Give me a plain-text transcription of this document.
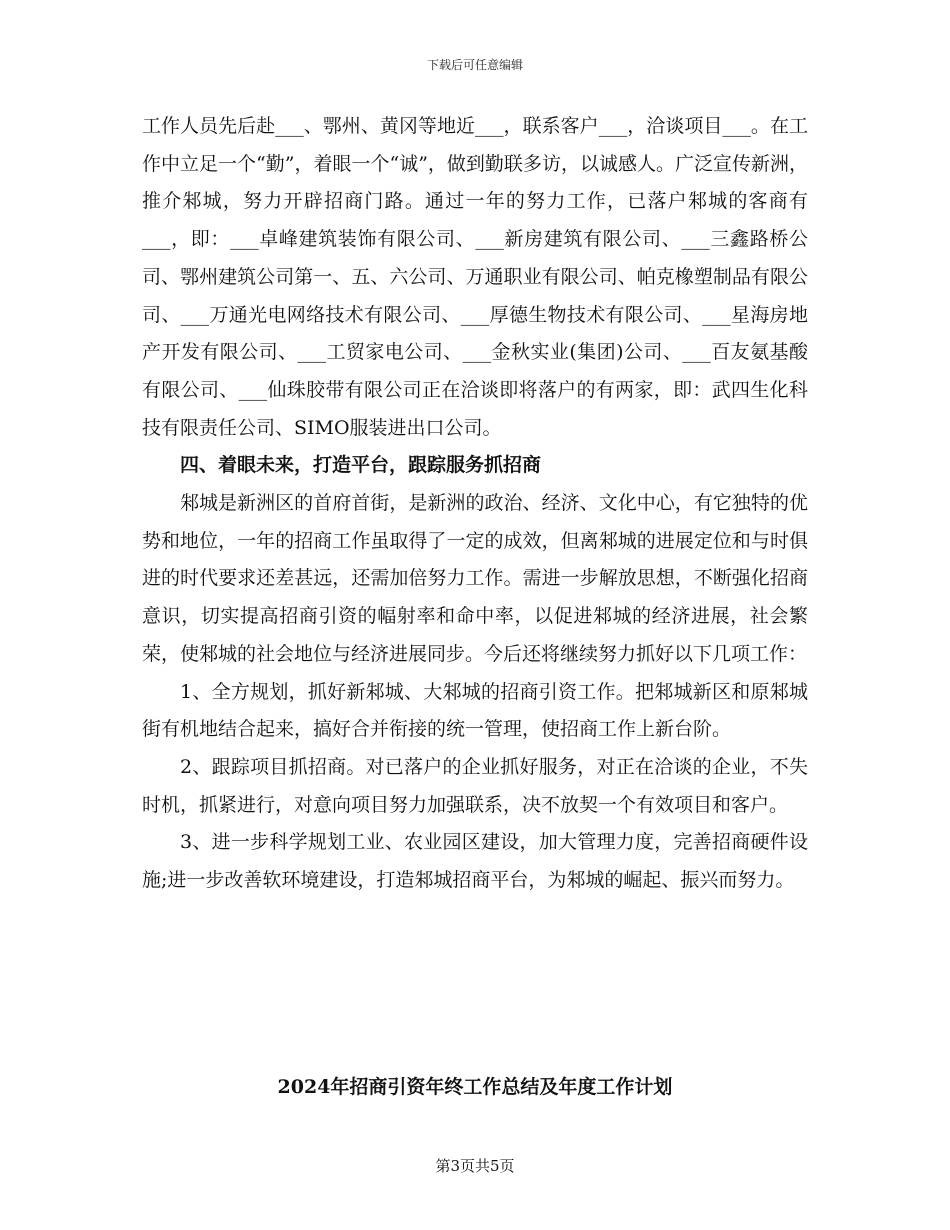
下载后可任意编辑

工作人员先后赴___、鄂州、黄冈等地近___，联系客户___，洽谈项目___。在工作中立足一个“勤”，着眼一个“诚”，做到勤联多访，以诚感人。广泛宣传新洲，推介邾城，努力开辟招商门路。通过一年的努力工作，已落户邾城的客商有___，即：___卓峰建筑装饰有限公司、___新房建筑有限公司、___三鑫路桥公司、鄂州建筑公司第一、五、六公司、万通职业有限公司、帕克橡塑制品有限公司、___万通光电网络技术有限公司、___厚德生物技术有限公司、___星海房地产开发有限公司、___工贸家电公司、___金秋实业(集团)公司、___百友氨基酸有限公司、___仙珠胶带有限公司正在洽谈即将落户的有两家，即：武四生化科技有限责任公司、SIMO服装进出口公司。

四、着眼未来，打造平台，跟踪服务抓招商

邾城是新洲区的首府首街，是新洲的政治、经济、文化中心，有它独特的优势和地位，一年的招商工作虽取得了一定的成效，但离邾城的进展定位和与时俱进的时代要求还差甚远，还需加倍努力工作。需进一步解放思想，不断强化招商意识，切实提高招商引资的幅射率和命中率，以促进邾城的经济进展，社会繁荣，使邾城的社会地位与经济进展同步。今后还将继续努力抓好以下几项工作：

1、全方规划，抓好新邾城、大邾城的招商引资工作。把邾城新区和原邾城街有机地结合起来，搞好合并衔接的统一管理，使招商工作上新台阶。

2、跟踪项目抓招商。对已落户的企业抓好服务，对正在洽谈的企业，不失时机，抓紧进行，对意向项目努力加强联系，决不放契一个有效项目和客户。

3、进一步科学规划工业、农业园区建设，加大管理力度，完善招商硬件设施;进一步改善软环境建设，打造邾城招商平台，为邾城的崛起、振兴而努力。

2024年招商引资年终工作总结及年度工作计划
第3页共5页
